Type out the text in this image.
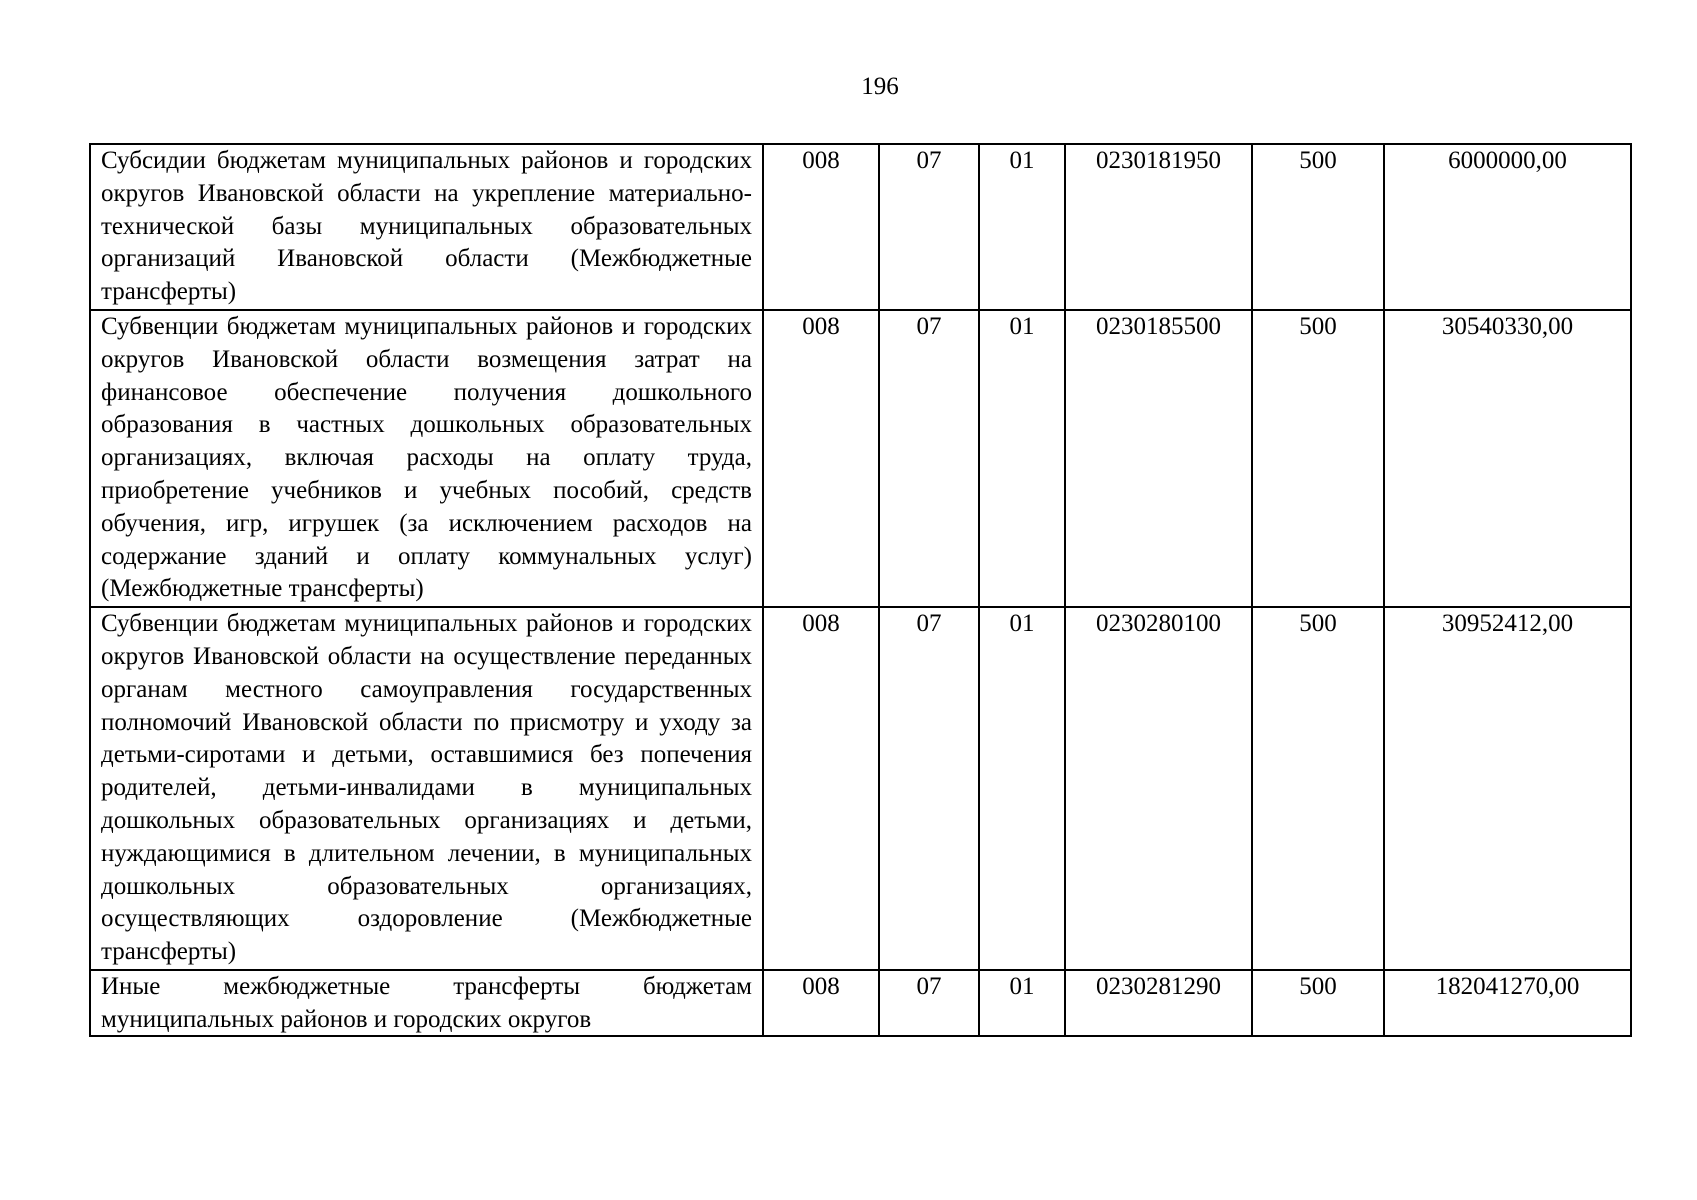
196
Субсидии бюджетам муниципальных районов и городских округов Ивановской области на укрепление материально-технической базы муниципальных образовательных организаций Ивановской области (Межбюджетные трансферты)	008	07	01	0230181950	500	6000000,00
Субвенции бюджетам муниципальных районов и городских округов Ивановской области возмещения затрат на финансовое обеспечение получения дошкольного образования в частных дошкольных образовательных организациях, включая расходы на оплату труда, приобретение учебников и учебных пособий, средств обучения, игр, игрушек (за исключением расходов на содержание зданий и оплату коммунальных услуг) (Межбюджетные трансферты)	008	07	01	0230185500	500	30540330,00
Субвенции бюджетам муниципальных районов и городских округов Ивановской области на осуществление переданных органам местного самоуправления государственных полномочий Ивановской области по присмотру и уходу за детьми-сиротами и детьми, оставшимися без попечения родителей, детьми-инвалидами в муниципальных дошкольных образовательных организациях и детьми, нуждающимися в длительном лечении, в муниципальных дошкольных образовательных организациях, осуществляющих оздоровление (Межбюджетные трансферты)	008	07	01	0230280100	500	30952412,00

Иные межбюджетные трансферты бюджетам муниципальных районов и городских округов	008	07	01	0230281290	500	182041270,00
